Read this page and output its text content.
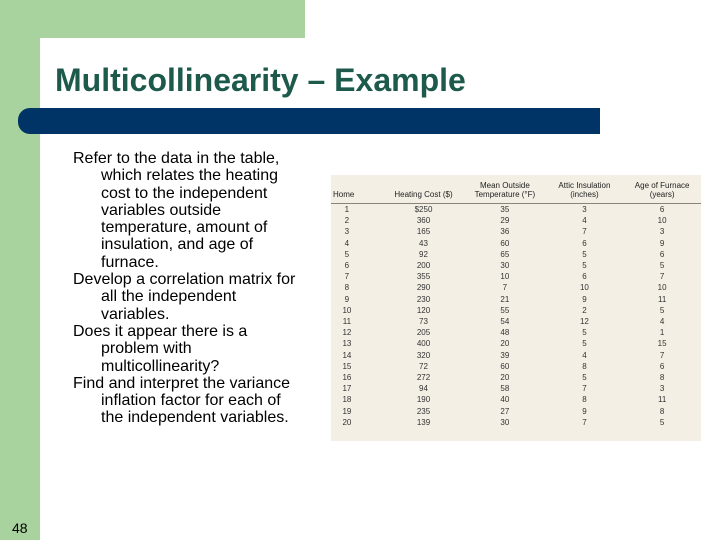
Multicollinearity – Example
Refer to the data in the table, which relates the heating cost to the independent variables outside temperature, amount of insulation, and age of furnace.
Develop a correlation matrix for all the independent variables.
Does it appear there is a problem with multicollinearity?
Find and interpret the variance inflation factor for each of the independent variables.
Home	Heating Cost ($)	Mean Outside Temperature (°F)	Attic Insulation (inches)	Age of Furnace (years)
1	$250	35	3	6
2	360	29	4	10
3	165	36	7	3
4	43	60	6	9
5	92	65	5	6
6	200	30	5	5
7	355	10	6	7
8	290	7	10	10
9	230	21	9	11
10	120	55	2	5
11	73	54	12	4
12	205	48	5	1
13	400	20	5	15
14	320	39	4	7
15	72	60	8	6
16	272	20	5	8
17	94	58	7	3
18	190	40	8	11
19	235	27	9	8
20	139	30	7	5
48
